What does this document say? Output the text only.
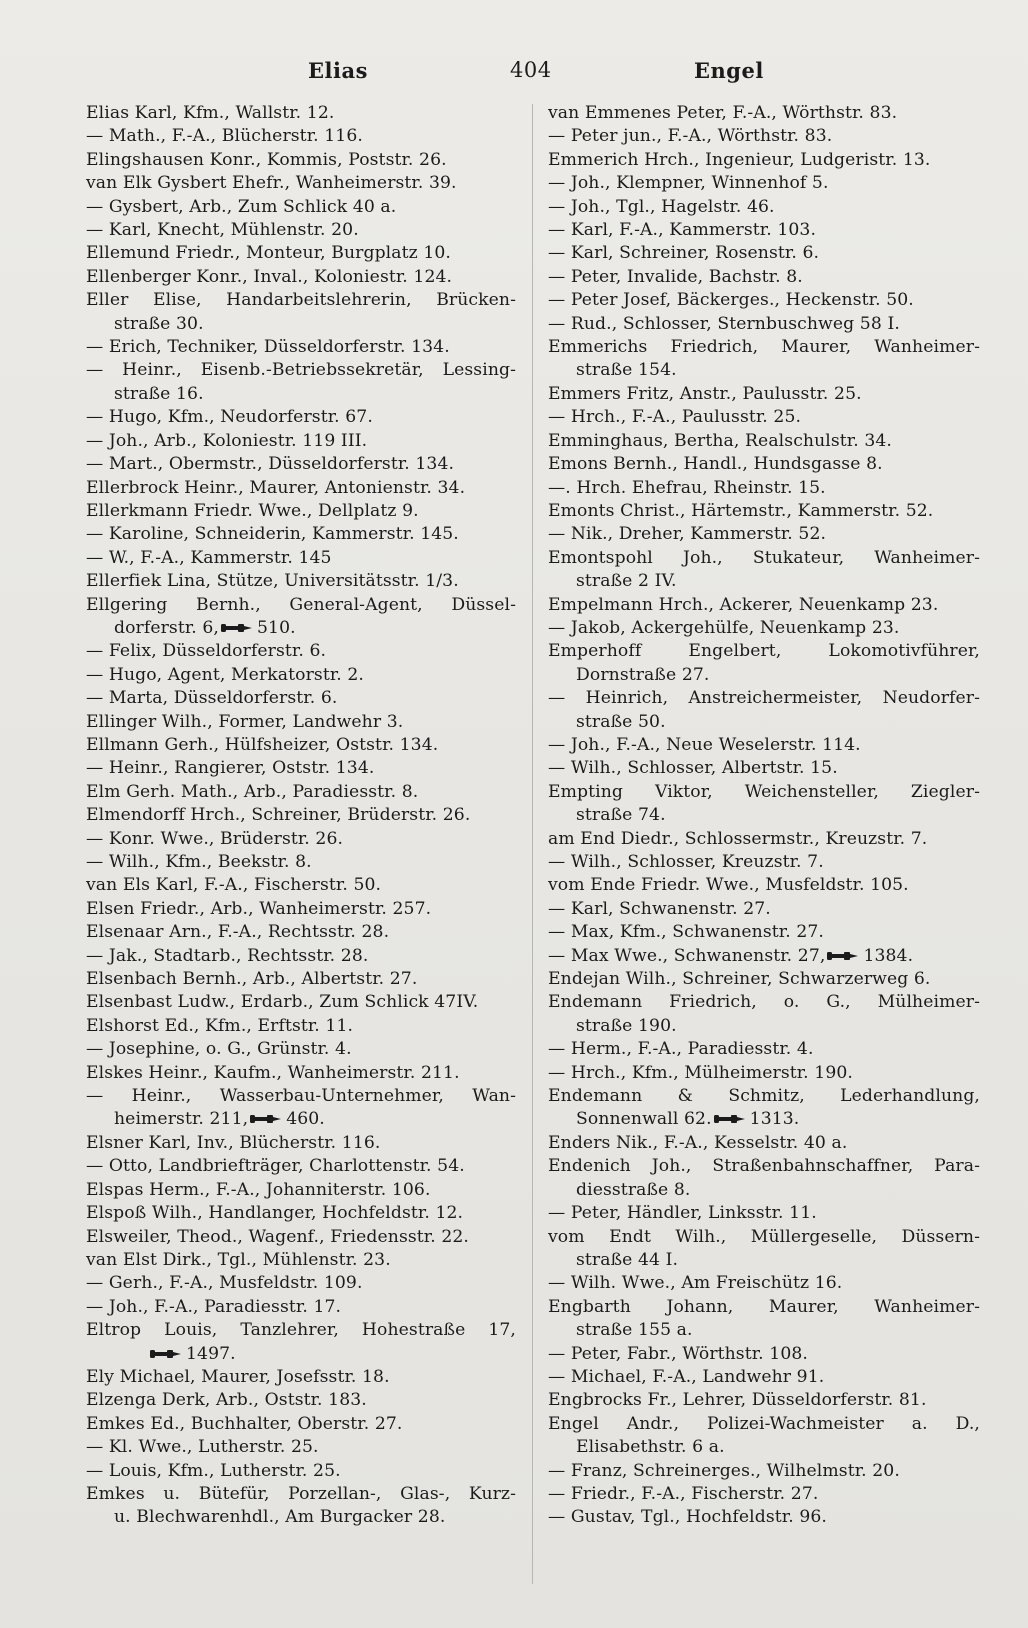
Elias	404	Engel
Elias Karl, Kfm., Wallstr. 12.
— Math., F.-A., Blücherstr. 116.
Elingshausen Konr., Kommis, Poststr. 26.
van Elk Gysbert Ehefr., Wanheimerstr. 39.
— Gysbert, Arb., Zum Schlick 40 a.
— Karl, Knecht, Mühlenstr. 20.
Ellemund Friedr., Monteur, Burgplatz 10.
Ellenberger Konr., Inval., Koloniestr. 124.
Eller Elise, Handarbeitslehrerin, Brücken-
straße 30.
— Erich, Techniker, Düsseldorferstr. 134.
— Heinr., Eisenb.-Betriebssekretär, Lessing-
straße 16.
— Hugo, Kfm., Neudorferstr. 67.
— Joh., Arb., Koloniestr. 119 III.
— Mart., Obermstr., Düsseldorferstr. 134.
Ellerbrock Heinr., Maurer, Antonienstr. 34.
Ellerkmann Friedr. Wwe., Dellplatz 9.
— Karoline, Schneiderin, Kammerstr. 145.
— W., F.-A., Kammerstr. 145
Ellerfiek Lina, Stütze, Universitätsstr. 1/3.
Ellgering Bernh., General-Agent, Düssel-
dorferstr. 6, 510.
— Felix, Düsseldorferstr. 6.
— Hugo, Agent, Merkatorstr. 2.
— Marta, Düsseldorferstr. 6.
Ellinger Wilh., Former, Landwehr 3.
Ellmann Gerh., Hülfsheizer, Oststr. 134.
— Heinr., Rangierer, Oststr. 134.
Elm Gerh. Math., Arb., Paradiesstr. 8.
Elmendorff Hrch., Schreiner, Brüderstr. 26.
— Konr. Wwe., Brüderstr. 26.
— Wilh., Kfm., Beekstr. 8.
van Els Karl, F.-A., Fischerstr. 50.
Elsen Friedr., Arb., Wanheimerstr. 257.
Elsenaar Arn., F.-A., Rechtsstr. 28.
— Jak., Stadtarb., Rechtsstr. 28.
Elsenbach Bernh., Arb., Albertstr. 27.
Elsenbast Ludw., Erdarb., Zum Schlick 47IV.
Elshorst Ed., Kfm., Erftstr. 11.
— Josephine, o. G., Grünstr. 4.
Elskes Heinr., Kaufm., Wanheimerstr. 211.
— Heinr., Wasserbau-Unternehmer, Wan-
heimerstr. 211, 460.
Elsner Karl, Inv., Blücherstr. 116.
— Otto, Landbriefträger, Charlottenstr. 54.
Elspas Herm., F.-A., Johanniterstr. 106.
Elspoß Wilh., Handlanger, Hochfeldstr. 12.
Elsweiler, Theod., Wagenf., Friedensstr. 22.
van Elst Dirk., Tgl., Mühlenstr. 23.
— Gerh., F.-A., Musfeldstr. 109.
— Joh., F.-A., Paradiesstr. 17.
Eltrop Louis, Tanzlehrer, Hohestraße 17,
1497.
Ely Michael, Maurer, Josefsstr. 18.
Elzenga Derk, Arb., Oststr. 183.
Emkes Ed., Buchhalter, Oberstr. 27.
— Kl. Wwe., Lutherstr. 25.
— Louis, Kfm., Lutherstr. 25.
Emkes u. Bütefür, Porzellan-, Glas-, Kurz-
u. Blechwarenhdl., Am Burgacker 28.
van Emmenes Peter, F.-A., Wörthstr. 83.
— Peter jun., F.-A., Wörthstr. 83.
Emmerich Hrch., Ingenieur, Ludgeristr. 13.
— Joh., Klempner, Winnenhof 5.
— Joh., Tgl., Hagelstr. 46.
— Karl, F.-A., Kammerstr. 103.
— Karl, Schreiner, Rosenstr. 6.
— Peter, Invalide, Bachstr. 8.
— Peter Josef, Bäckerges., Heckenstr. 50.
— Rud., Schlosser, Sternbuschweg 58 I.
Emmerichs Friedrich, Maurer, Wanheimer-
straße 154.
Emmers Fritz, Anstr., Paulusstr. 25.
— Hrch., F.-A., Paulusstr. 25.
Emminghaus, Bertha, Realschulstr. 34.
Emons Bernh., Handl., Hundsgasse 8.
—. Hrch. Ehefrau, Rheinstr. 15.
Emonts Christ., Härtemstr., Kammerstr. 52.
— Nik., Dreher, Kammerstr. 52.
Emontspohl Joh., Stukateur, Wanheimer-
straße 2 IV.
Empelmann Hrch., Ackerer, Neuenkamp 23.
— Jakob, Ackergehülfe, Neuenkamp 23.
Emperhoff Engelbert, Lokomotivführer,
Dornstraße 27.
— Heinrich, Anstreichermeister, Neudorfer-
straße 50.
— Joh., F.-A., Neue Weselerstr. 114.
— Wilh., Schlosser, Albertstr. 15.
Empting Viktor, Weichensteller, Ziegler-
straße 74.
am End Diedr., Schlossermstr., Kreuzstr. 7.
— Wilh., Schlosser, Kreuzstr. 7.
vom Ende Friedr. Wwe., Musfeldstr. 105.
— Karl, Schwanenstr. 27.
— Max, Kfm., Schwanenstr. 27.
— Max Wwe., Schwanenstr. 27, 1384.
Endejan Wilh., Schreiner, Schwarzerweg 6.
Endemann Friedrich, o. G., Mülheimer-
straße 190.
— Herm., F.-A., Paradiesstr. 4.
— Hrch., Kfm., Mülheimerstr. 190.
Endemann & Schmitz, Lederhandlung,
Sonnenwall 62. 1313.
Enders Nik., F.-A., Kesselstr. 40 a.
Endenich Joh., Straßenbahnschaffner, Para-
diesstraße 8.
— Peter, Händler, Linksstr. 11.
vom Endt Wilh., Müllergeselle, Düssern-
straße 44 I.
— Wilh. Wwe., Am Freischütz 16.
Engbarth Johann, Maurer, Wanheimer-
straße 155 a.
— Peter, Fabr., Wörthstr. 108.
— Michael, F.-A., Landwehr 91.
Engbrocks Fr., Lehrer, Düsseldorferstr. 81.
Engel Andr., Polizei-Wachmeister a. D.,
Elisabethstr. 6 a.
— Franz, Schreinerges., Wilhelmstr. 20.
— Friedr., F.-A., Fischerstr. 27.
— Gustav, Tgl., Hochfeldstr. 96.
